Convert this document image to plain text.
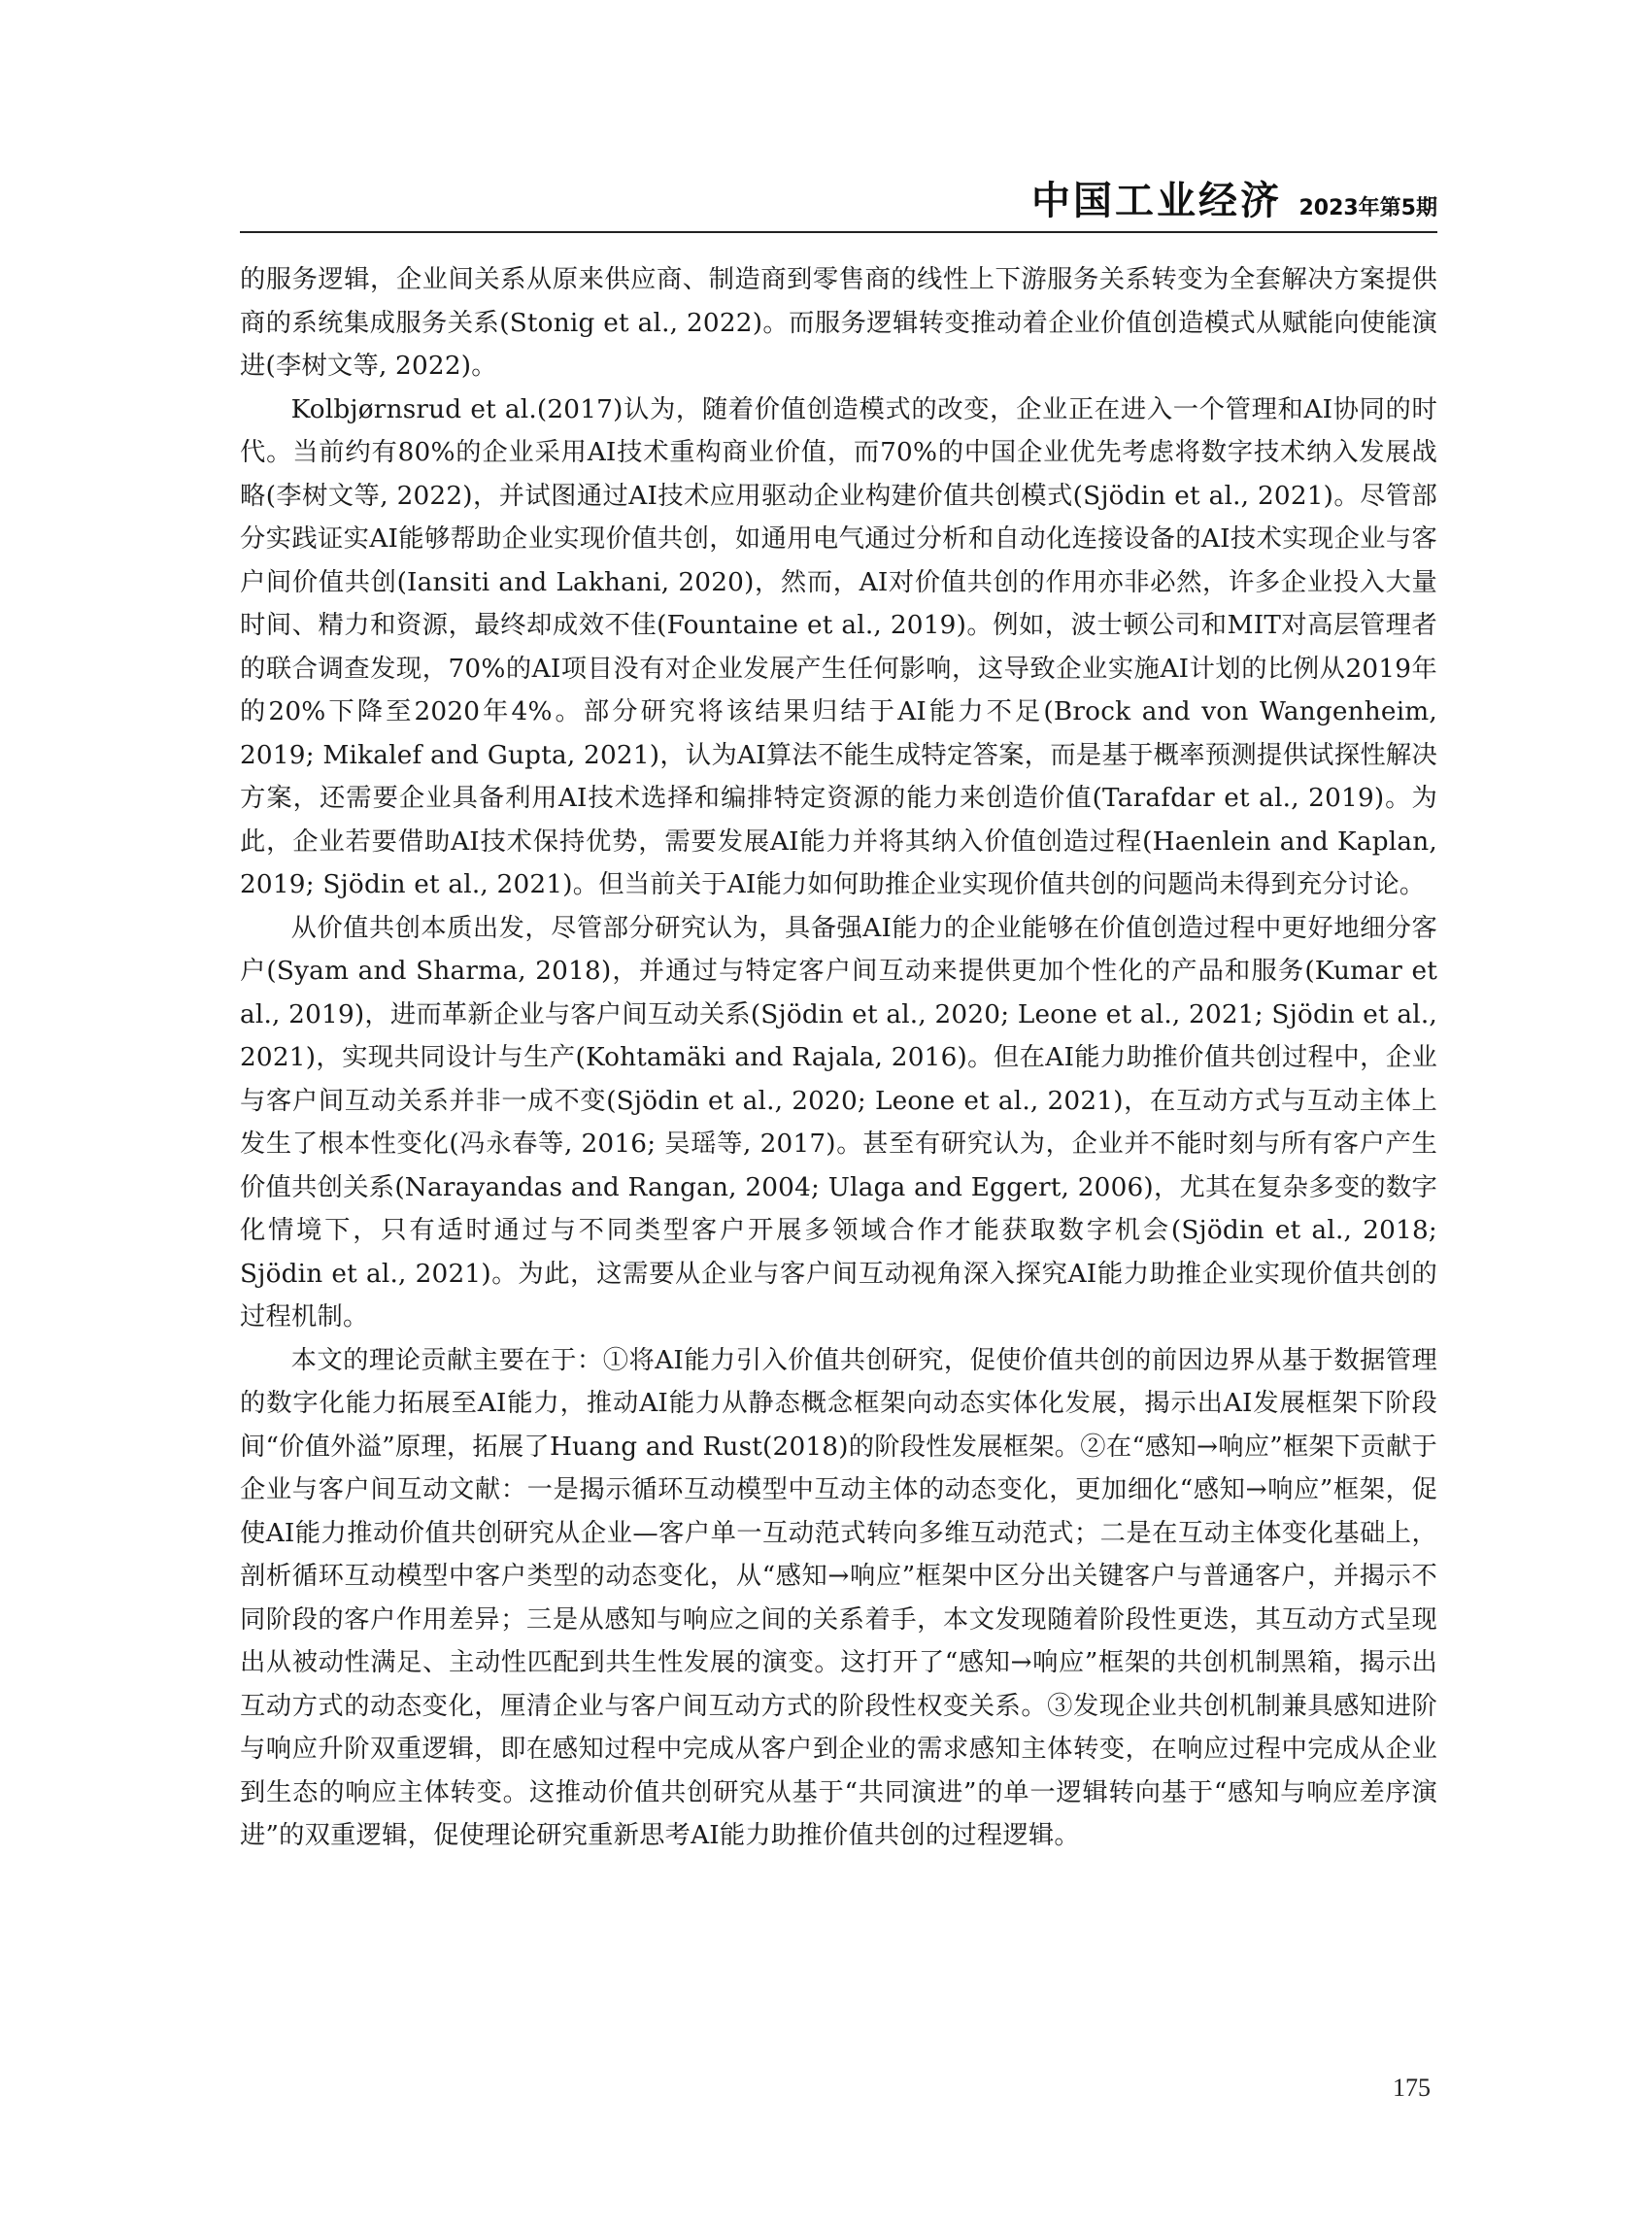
中国工业经济 2023年第5期

的服务逻辑，企业间关系从原来供应商、制造商到零售商的线性上下游服务关系转变为全套解决方案提供商的系统集成服务关系(Stonig et al., 2022)。而服务逻辑转变推动着企业价值创造模式从赋能向使能演进(李树文等, 2022)。

Kolbjørnsrud et al.(2017)认为，随着价值创造模式的改变，企业正在进入一个管理和AI协同的时代。当前约有80%的企业采用AI技术重构商业价值，而70%的中国企业优先考虑将数字技术纳入发展战略(李树文等, 2022)，并试图通过AI技术应用驱动企业构建价值共创模式(Sjödin et al., 2021)。尽管部分实践证实AI能够帮助企业实现价值共创，如通用电气通过分析和自动化连接设备的AI技术实现企业与客户间价值共创(Iansiti and Lakhani, 2020)，然而，AI对价值共创的作用亦非必然，许多企业投入大量时间、精力和资源，最终却成效不佳(Fountaine et al., 2019)。例如，波士顿公司和MIT对高层管理者的联合调查发现，70%的AI项目没有对企业发展产生任何影响，这导致企业实施AI计划的比例从2019年的20%下降至2020年4%。部分研究将该结果归结于AI能力不足(Brock and von Wangenheim, 2019; Mikalef and Gupta, 2021)，认为AI算法不能生成特定答案，而是基于概率预测提供试探性解决方案，还需要企业具备利用AI技术选择和编排特定资源的能力来创造价值(Tarafdar et al., 2019)。为此，企业若要借助AI技术保持优势，需要发展AI能力并将其纳入价值创造过程(Haenlein and Kaplan, 2019; Sjödin et al., 2021)。但当前关于AI能力如何助推企业实现价值共创的问题尚未得到充分讨论。

从价值共创本质出发，尽管部分研究认为，具备强AI能力的企业能够在价值创造过程中更好地细分客户(Syam and Sharma, 2018)，并通过与特定客户间互动来提供更加个性化的产品和服务(Kumar et al., 2019)，进而革新企业与客户间互动关系(Sjödin et al., 2020; Leone et al., 2021; Sjödin et al., 2021)，实现共同设计与生产(Kohtamäki and Rajala, 2016)。但在AI能力助推价值共创过程中，企业与客户间互动关系并非一成不变(Sjödin et al., 2020; Leone et al., 2021)，在互动方式与互动主体上发生了根本性变化(冯永春等, 2016; 吴瑶等, 2017)。甚至有研究认为，企业并不能时刻与所有客户产生价值共创关系(Narayandas and Rangan, 2004; Ulaga and Eggert, 2006)，尤其在复杂多变的数字化情境下，只有适时通过与不同类型客户开展多领域合作才能获取数字机会(Sjödin et al., 2018; Sjödin et al., 2021)。为此，这需要从企业与客户间互动视角深入探究AI能力助推企业实现价值共创的过程机制。

本文的理论贡献主要在于：①将AI能力引入价值共创研究，促使价值共创的前因边界从基于数据管理的数字化能力拓展至AI能力，推动AI能力从静态概念框架向动态实体化发展，揭示出AI发展框架下阶段间“价值外溢”原理，拓展了Huang and Rust(2018)的阶段性发展框架。②在“感知→响应”框架下贡献于企业与客户间互动文献：一是揭示循环互动模型中互动主体的动态变化，更加细化“感知→响应”框架，促使AI能力推动价值共创研究从企业—客户单一互动范式转向多维互动范式；二是在互动主体变化基础上，剖析循环互动模型中客户类型的动态变化，从“感知→响应”框架中区分出关键客户与普通客户，并揭示不同阶段的客户作用差异；三是从感知与响应之间的关系着手，本文发现随着阶段性更迭，其互动方式呈现出从被动性满足、主动性匹配到共生性发展的演变。这打开了“感知→响应”框架的共创机制黑箱，揭示出互动方式的动态变化，厘清企业与客户间互动方式的阶段性权变关系。③发现企业共创机制兼具感知进阶与响应升阶双重逻辑，即在感知过程中完成从客户到企业的需求感知主体转变，在响应过程中完成从企业到生态的响应主体转变。这推动价值共创研究从基于“共同演进”的单一逻辑转向基于“感知与响应差序演进”的双重逻辑，促使理论研究重新思考AI能力助推价值共创的过程逻辑。

175
